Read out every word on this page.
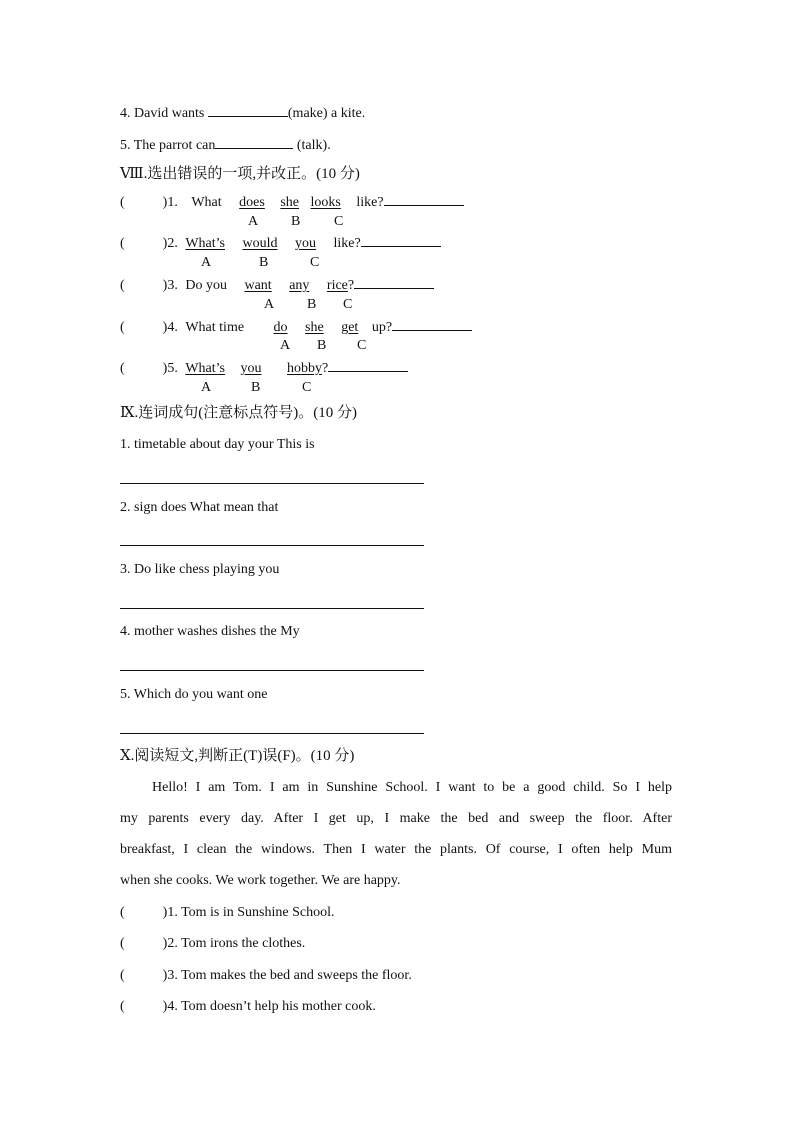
4. David wants	(make) a kite.
5. The parrot can	(talk).
Ⅷ.选出错误的一项,并改正。(10 分)
(	)1. What does she looks like?
A B C
(	)2. What’s would you like?
A	B	C
(	)3. Do you want any rice?
A B C
(	)4. What time do she get up?
A B C
(	)5. What’s you hobby?
A	B	C
Ⅸ.连词成句(注意标点符号)。(10 分)
1. timetable about day your This is
2. sign does What mean that
3. Do like chess playing you
4. mother washes dishes the My
5. Which do you want one
Ⅹ.阅读短文,判断正(T)误(F)。(10 分)
Hello! I am Tom. I am in Sunshine School. I want to be a good child. So I help
my parents every day. After I get up, I make the bed and sweep the floor. After
breakfast, I clean the windows. Then I water the plants. Of course, I often help Mum
when she cooks. We work together. We are happy.
(	)1. Tom is in Sunshine School.
(	)2. Tom irons the clothes.
(	)3. Tom makes the bed and sweeps the floor.
(	)4. Tom doesn’t help his mother cook.
